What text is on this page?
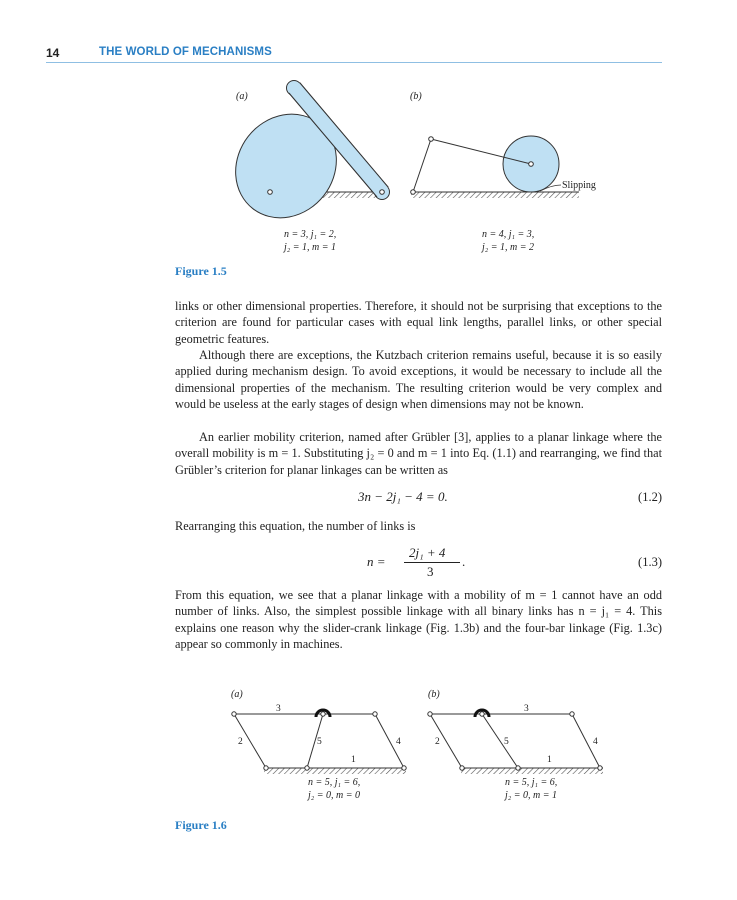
14	THE WORLD OF MECHANISMS
(a)
n = 3, j₁ = 2,
j₂ = 1, m = 1
(b)
Slipping
n = 4, j₁ = 3,
j₂ = 1, m = 2
(a)
3
2	5	4
1
n = 5, j₁ = 6,
j₂ = 0, m = 0
(b)
3
2	5	4
1
n = 5, j₁ = 6,
j₂ = 0, m = 1
Figure 1.5
Figure 1.6

links or other dimensional properties. Therefore, it should not be surprising that exceptions to the criterion are found for particular cases with equal link lengths, parallel links, or other special geometric features.

Although there are exceptions, the Kutzbach criterion remains useful, because it is so easily applied during mechanism design. To avoid exceptions, it would be necessary to include all the dimensional properties of the mechanism. The resulting criterion would be very complex and would be useless at the early stages of design when dimensions may not be known.

An earlier mobility criterion, named after Grübler [3], applies to a planar linkage where the overall mobility is m = 1. Substituting j₂ = 0 and m = 1 into Eq. (1.1) and rearranging, we find that Grübler’s criterion for planar linkages can be written as

3n − 2j₁ − 4 = 0.	(1.2)

Rearranging this equation, the number of links is

n =
2j₁ + 4
3
.	(1.3)

From this equation, we see that a planar linkage with a mobility of m = 1 cannot have an odd number of links. Also, the simplest possible linkage with all binary links has n = j₁ = 4. This explains one reason why the slider-crank linkage (Fig. 1.3b) and the four-bar linkage (Fig. 1.3c) appear so commonly in machines.
